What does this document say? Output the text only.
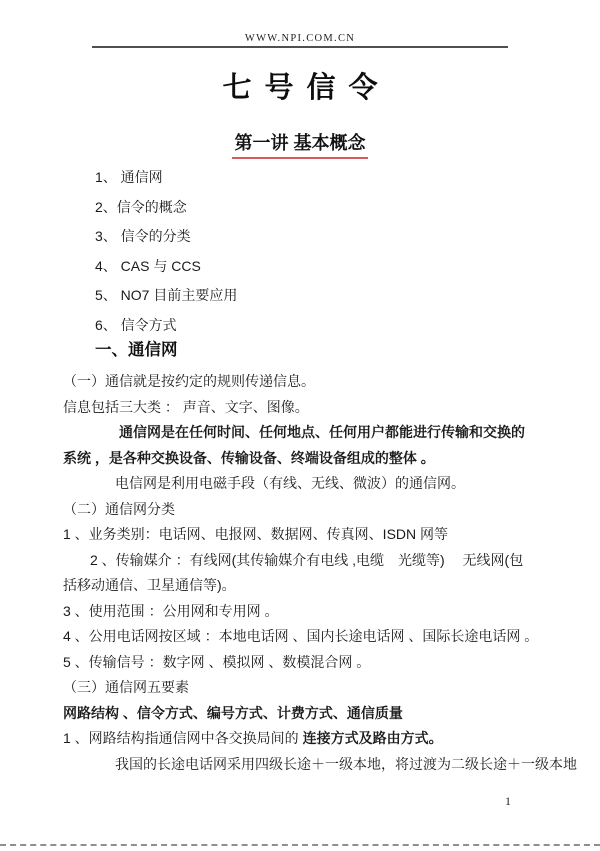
WWW.NPI.COM.CN
七号信令
第一讲 基本概念
1、 通信网
2、信令的概念
3、 信令的分类
4、 CAS 与 CCS
5、 NO7 目前主要应用
6、 信令方式
一、通信网

（一）通信就是按约定的规则传递信息。

信息包括三大类 ： 声音、文字、图像。

通信网是在任何时间、任何地点、任何用户都能进行传输和交换的系统 ，是各种交换设备、传输设备、终端设备组成的整体 。

电信网是利用电磁手段（有线、无线、微波）的通信网。

（二）通信网分类

1 、业务类别：电话网、电报网、数据网、传真网、ISDN 网等

2 、传输媒介 ：有线网(其传输媒介有电线 ,电缆　光缆等)　 无线网(包括移动通信、卫星通信等)。

3 、使用范围 ：公用网和专用网 。

4 、公用电话网按区域 ：本地电话网 、国内长途电话网 、国际长途电话网 。

5 、传输信号 ：数字网 、模拟网 、数模混合网 。

（三）通信网五要素

网路结构 、信令方式、编号方式、计费方式、通信质量

1 、网路结构指通信网中各交换局间的 连接方式及路由方式。

我国的长途电话网采用四级长途＋一级本地，将过渡为二级长途＋一级本地

1
